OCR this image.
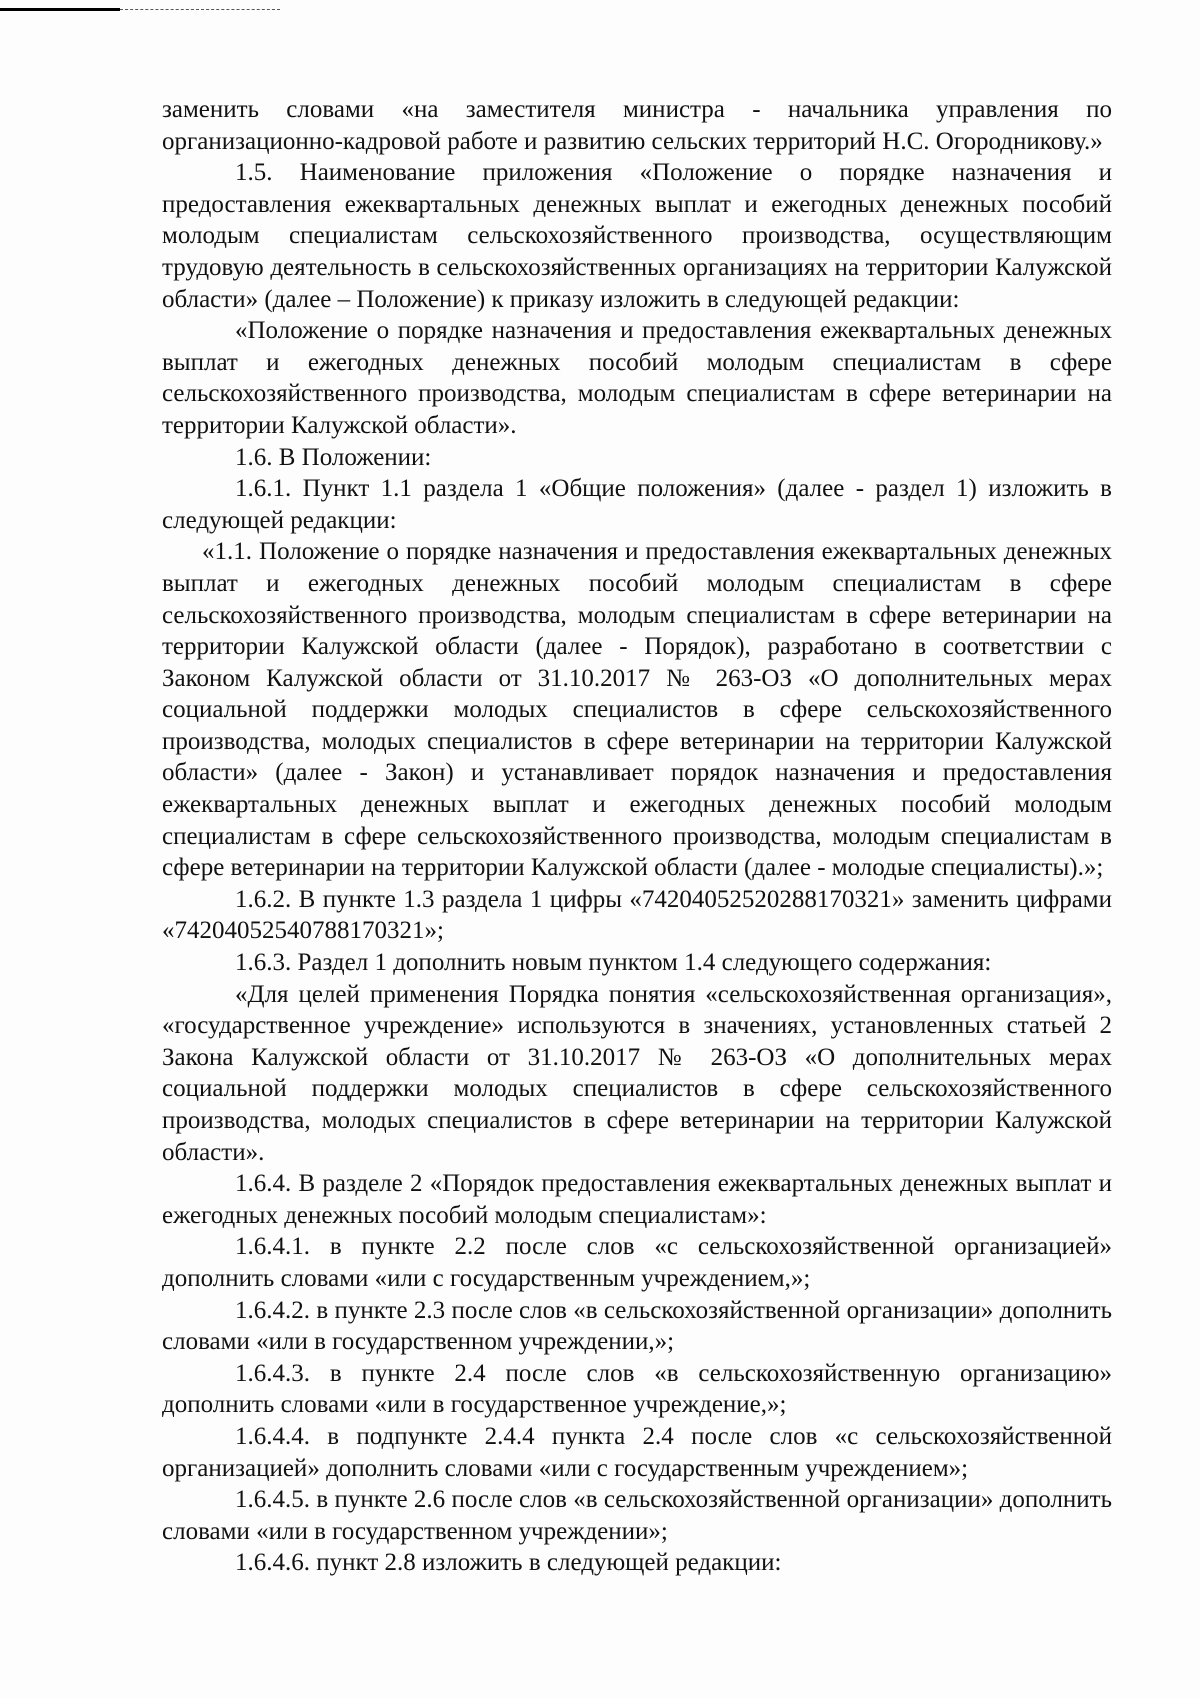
заменить словами «на заместителя министра - начальника управления по организационно-кадровой работе и развитию сельских территорий Н.С. Огородникову.»

1.5. Наименование приложения «Положение о порядке назначения и предоставления ежеквартальных денежных выплат и ежегодных денежных пособий молодым специалистам сельскохозяйственного производства, осуществляющим трудовую деятельность в сельскохозяйственных организациях на территории Калужской области» (далее – Положение) к приказу изложить в следующей редакции:

«Положение о порядке назначения и предоставления ежеквартальных денежных выплат и ежегодных денежных пособий молодым специалистам в сфере сельскохозяйственного производства, молодым специалистам в сфере ветеринарии на территории Калужской области».

1.6. В Положении:

1.6.1. Пункт 1.1 раздела 1 «Общие положения» (далее - раздел 1) изложить в следующей редакции:

«1.1. Положение о порядке назначения и предоставления ежеквартальных денежных выплат и ежегодных денежных пособий молодым специалистам в сфере сельскохозяйственного производства, молодым специалистам в сфере ветеринарии на территории Калужской области (далее - Порядок), разработано в соответствии с Законом Калужской области от 31.10.2017 № 263-ОЗ «О дополнительных мерах социальной поддержки молодых специалистов в сфере сельскохозяйственного производства, молодых специалистов в сфере ветеринарии на территории Калужской области» (далее - Закон) и устанавливает порядок назначения и предоставления ежеквартальных денежных выплат и ежегодных денежных пособий молодым специалистам в сфере сельскохозяйственного производства, молодым специалистам в сфере ветеринарии на территории Калужской области (далее - молодые специалисты).»;

1.6.2. В пункте 1.3 раздела 1 цифры «74204052520288170321» заменить цифрами «74204052540788170321»;

1.6.3. Раздел 1 дополнить новым пунктом 1.4 следующего содержания:

«Для целей применения Порядка понятия «сельскохозяйственная организация», «государственное учреждение» используются в значениях, установленных статьей 2 Закона Калужской области от 31.10.2017 № 263-ОЗ «О дополнительных мерах социальной поддержки молодых специалистов в сфере сельскохозяйственного производства, молодых специалистов в сфере ветеринарии на территории Калужской области».

1.6.4. В разделе 2 «Порядок предоставления ежеквартальных денежных выплат и ежегодных денежных пособий молодым специалистам»:

1.6.4.1. в пункте 2.2 после слов «с сельскохозяйственной организацией» дополнить словами «или с государственным учреждением,»;

1.6.4.2. в пункте 2.3 после слов «в сельскохозяйственной организации» дополнить словами «или в государственном учреждении,»;

1.6.4.3. в пункте 2.4 после слов «в сельскохозяйственную организацию» дополнить словами «или в государственное учреждение,»;

1.6.4.4. в подпункте 2.4.4 пункта 2.4 после слов «с сельскохозяйственной организацией» дополнить словами «или с государственным учреждением»;

1.6.4.5. в пункте 2.6 после слов «в сельскохозяйственной организации» дополнить словами «или в государственном учреждении»;

1.6.4.6. пункт 2.8 изложить в следующей редакции:
